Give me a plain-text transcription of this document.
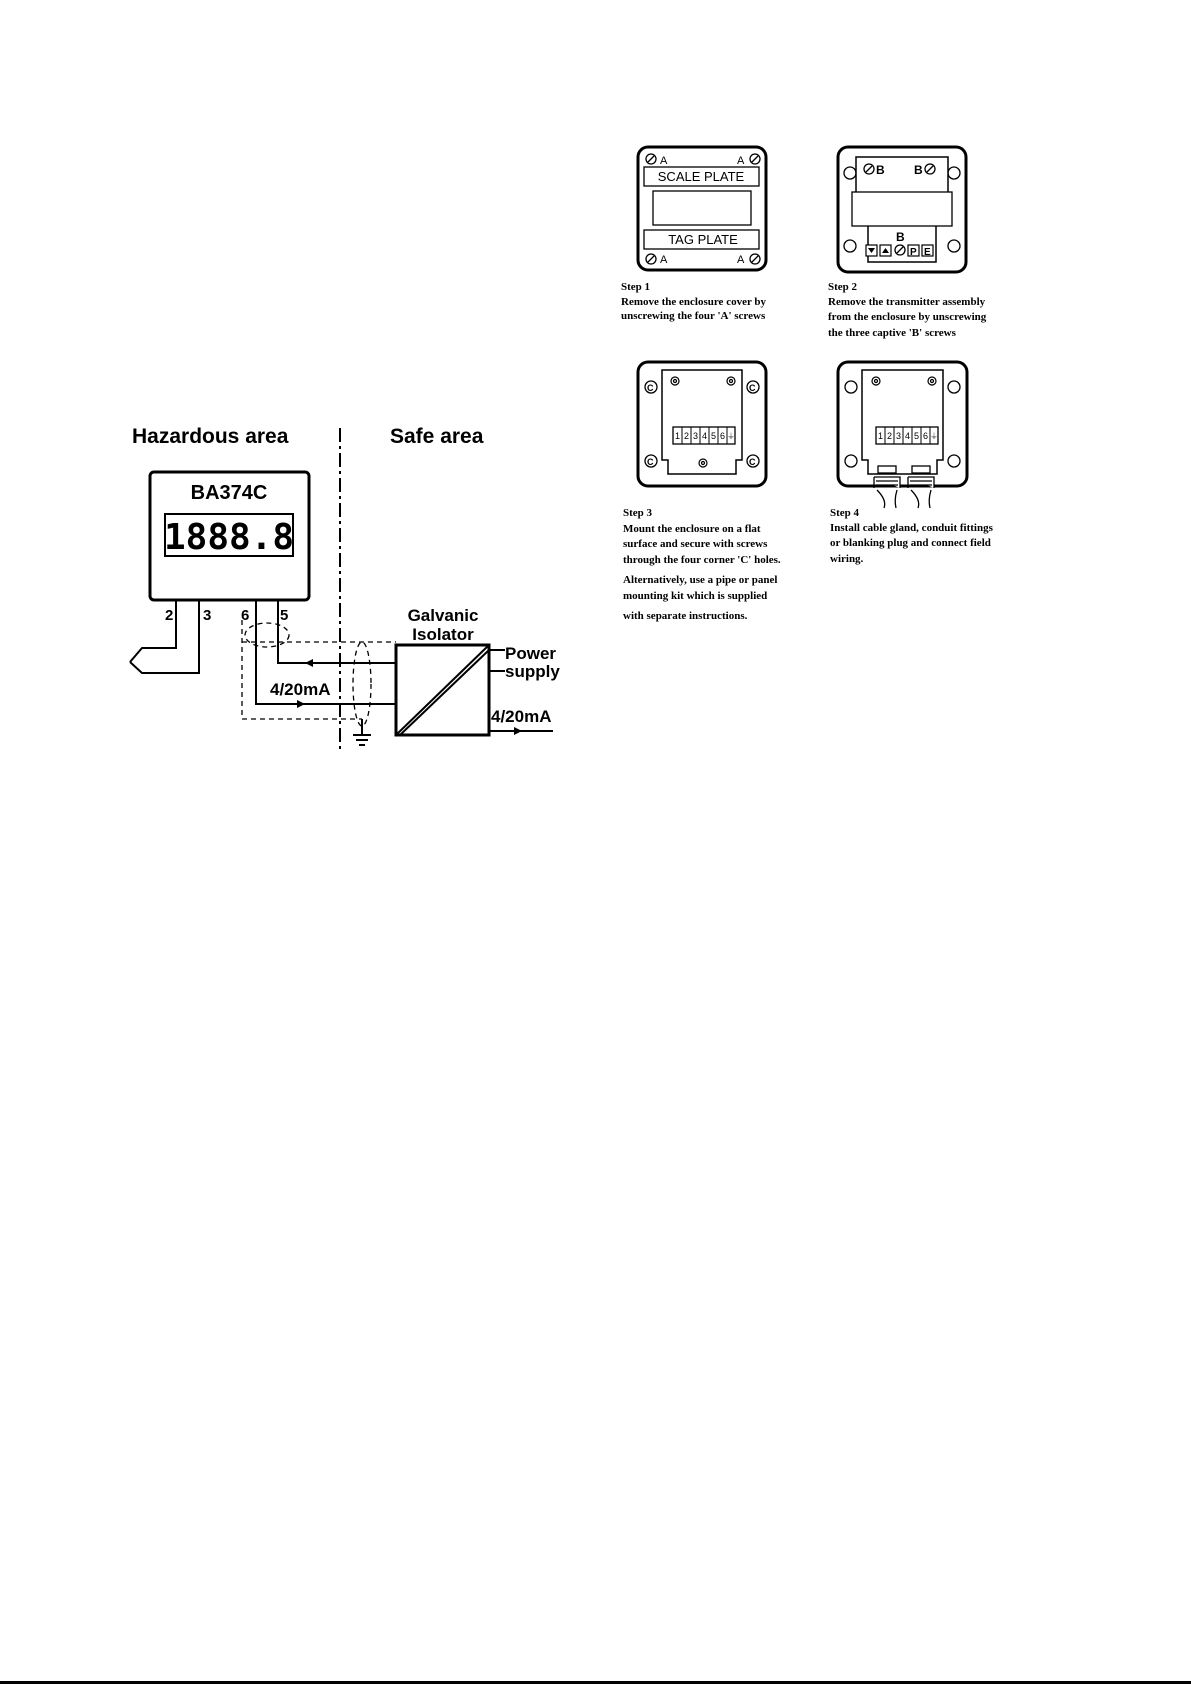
Hazardous area	Safe area
BA374C
1888.8
2 3 6 5
4/20mA
Galvanic
Isolator
Power
supply
4/20mA
A	A
A	A
SCALE PLATE
TAG PLATE
Step 1
Remove the enclosure cover by
unscrewing the four 'A' screws
B B
B
P E
Step 2
Remove the transmitter assembly
from the enclosure by unscrewing
the three captive 'B' screws
C	C
C	C
1 2 3 4 5 6 ⏚
Step 3
Mount the enclosure on a flat
surface and secure with screws
through the four corner 'C' holes.
Alternatively, use a pipe or panel
mounting kit which is supplied
with separate instructions.
1 2 3 4 5 6 ⏚
Step 4
Install cable gland, conduit fittings
or blanking plug and connect field
wiring.
